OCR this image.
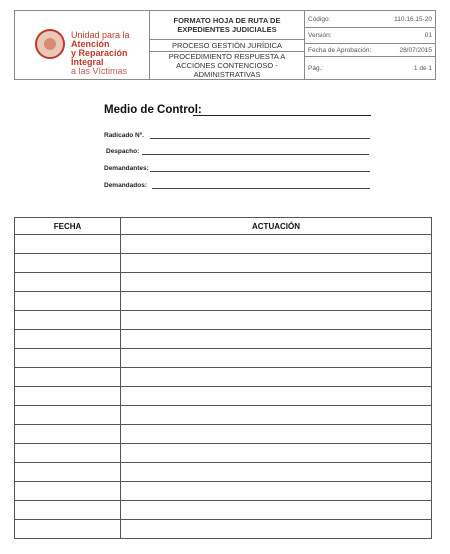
Unidad para la Atención
y Reparación Integral
a las Víctimas
FORMATO HOJA DE RUTA DE EXPEDIENTES JUDICIALES
PROCESO GESTIÓN JURÍDICA
PROCEDIMIENTO RESPUESTA A ACCIONES CONTENCIOSO - ADMINISTRATIVAS
Código:	110.16.15-20
Versión:	01
Fecha de Aprobación:	28/07/2015
Pág.:	1 de 1
Medio de Control:
Radicado Nº.
Despacho:
Demandantes:
Demandados:
FECHA	ACTUACIÓN
